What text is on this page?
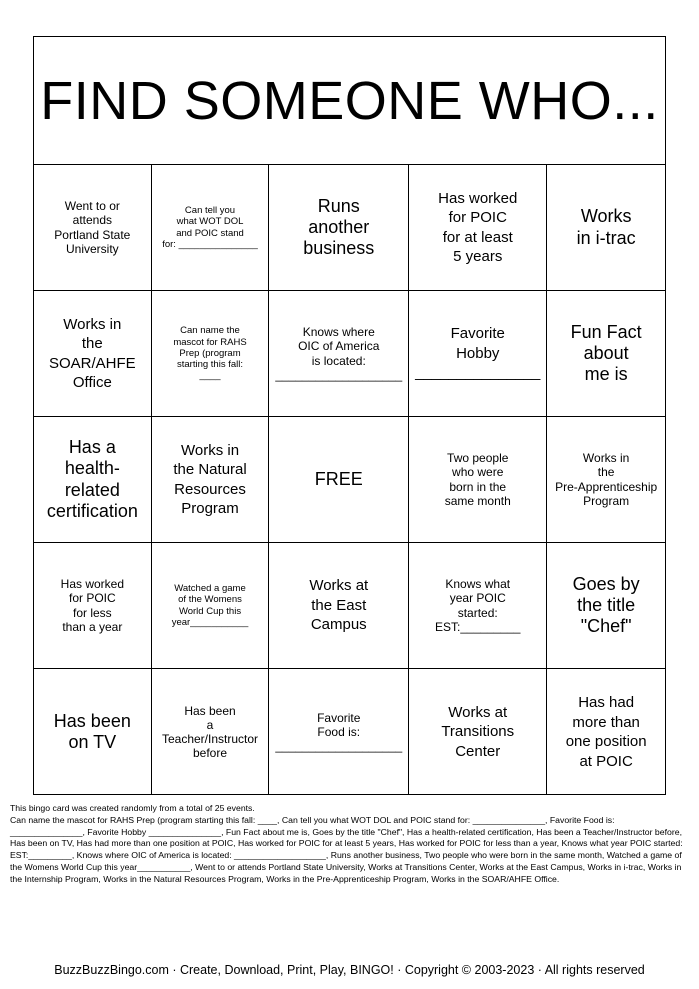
FIND SOMEONE WHO...
Went to or
attends
Portland State
University
Can tell you
what WOT DOL
and POIC stand
for: _______________
Runs
another
business
Has worked
for POIC
for at least
5 years
Works
in i-trac
Works in
the
SOAR/AHFE
Office
Can name the
mascot for RAHS
Prep (program
starting this fall:
____
Knows where
OIC of America
is located:
___________________
Favorite
Hobby
_______________
Fun Fact
about
me is
Has a
health-related
certification
Works in
the Natural
Resources
Program
FREE
Two people
who were
born in the
same month
Works in
the
Pre-Apprenticeship
Program
Has worked
for POIC
for less
than a year
Watched a game
of the Womens
World Cup this
year___________
Works at
the East
Campus
Knows what
year POIC
started:
EST:_________
Goes by
the title
"Chef"
Has been
on TV
Has been
a
Teacher/Instructor
before
Favorite
Food is:
___________________
Works at
Transitions
Center
Has had
more than
one position
at POIC

This bingo card was created randomly from a total of 25 events.

Can name the mascot for RAHS Prep (program starting this fall: ____, Can tell you what WOT DOL and POIC stand for: _______________, Favorite Food is: _______________, Favorite Hobby _______________, Fun Fact about me is, Goes by the title "Chef", Has a health-related certification, Has been a Teacher/Instructor before, Has been on TV, Has had more than one position at POIC, Has worked for POIC for at least 5 years, Has worked for POIC for less than a year, Knows what year POIC started: EST:_________, Knows where OIC of America is located: ___________________, Runs another business, Two people who were born in the same month, Watched a game of the Womens World Cup this year___________, Went to or attends Portland State University, Works at Transitions Center, Works at the East Campus, Works in i-trac, Works in the Internship Program, Works in the Natural Resources Program, Works in the Pre-Apprenticeship Program, Works in the SOAR/AHFE Office.

BuzzBuzzBingo.com · Create, Download, Print, Play, BINGO! · Copyright © 2003-2023 · All rights reserved
